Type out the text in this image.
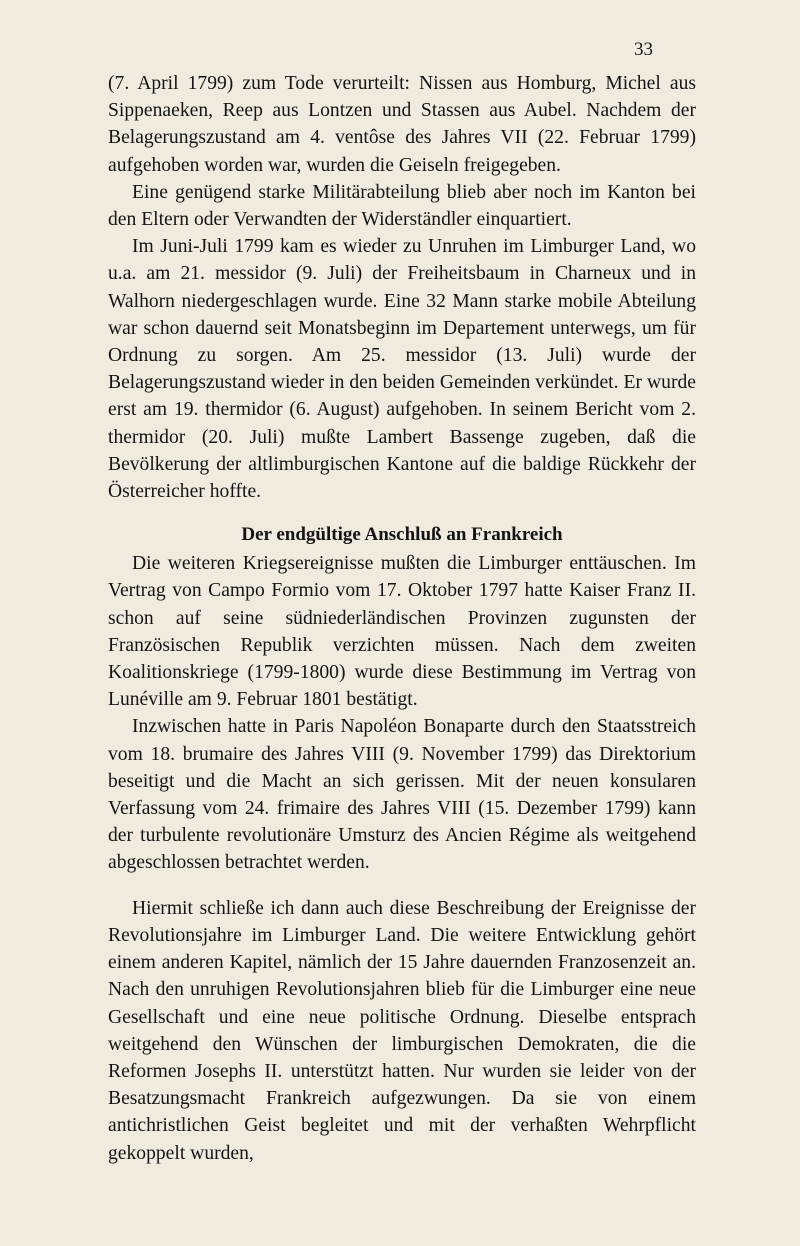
33

(7. April 1799) zum Tode verurteilt: Nissen aus Homburg, Michel aus Sippenaeken, Reep aus Lontzen und Stassen aus Aubel. Nachdem der Belagerungszustand am 4. ventôse des Jahres VII (22. Februar 1799) aufgehoben worden war, wurden die Geiseln freigegeben.

Eine genügend starke Militärabteilung blieb aber noch im Kanton bei den Eltern oder Verwandten der Widerständler einquartiert.

Im Juni-Juli 1799 kam es wieder zu Unruhen im Limburger Land, wo u.a. am 21. messidor (9. Juli) der Freiheitsbaum in Charneux und in Walhorn niedergeschlagen wurde. Eine 32 Mann starke mobile Abteilung war schon dauernd seit Monatsbeginn im Departement unterwegs, um für Ordnung zu sorgen. Am 25. messidor (13. Juli) wurde der Belagerungszustand wieder in den beiden Gemeinden verkündet. Er wurde erst am 19. thermidor (6. August) aufgehoben. In seinem Bericht vom 2. thermidor (20. Juli) mußte Lambert Bassenge zugeben, daß die Bevölkerung der altlimburgischen Kantone auf die baldige Rückkehr der Österreicher hoffte.

Der endgültige Anschluß an Frankreich

Die weiteren Kriegsereignisse mußten die Limburger enttäuschen. Im Vertrag von Campo Formio vom 17. Oktober 1797 hatte Kaiser Franz II. schon auf seine südniederländischen Provinzen zugunsten der Französischen Republik verzichten müssen. Nach dem zweiten Koalitionskriege (1799-1800) wurde diese Bestimmung im Vertrag von Lunéville am 9. Februar 1801 bestätigt.

Inzwischen hatte in Paris Napoléon Bonaparte durch den Staatsstreich vom 18. brumaire des Jahres VIII (9. November 1799) das Direktorium beseitigt und die Macht an sich gerissen. Mit der neuen konsularen Verfassung vom 24. frimaire des Jahres VIII (15. Dezember 1799) kann der turbulente revolutionäre Umsturz des Ancien Régime als weitgehend abgeschlossen betrachtet werden.

Hiermit schließe ich dann auch diese Beschreibung der Ereignisse der Revolutionsjahre im Limburger Land. Die weitere Entwicklung gehört einem anderen Kapitel, nämlich der 15 Jahre dauernden Franzosenzeit an. Nach den unruhigen Revolutionsjahren blieb für die Limburger eine neue Gesellschaft und eine neue politische Ordnung. Dieselbe entsprach weitgehend den Wünschen der limburgischen Demokraten, die die Reformen Josephs II. unterstützt hatten. Nur wurden sie leider von der Besatzungsmacht Frankreich aufgezwungen. Da sie von einem antichristlichen Geist begleitet und mit der verhaßten Wehrpflicht gekoppelt wurden,
